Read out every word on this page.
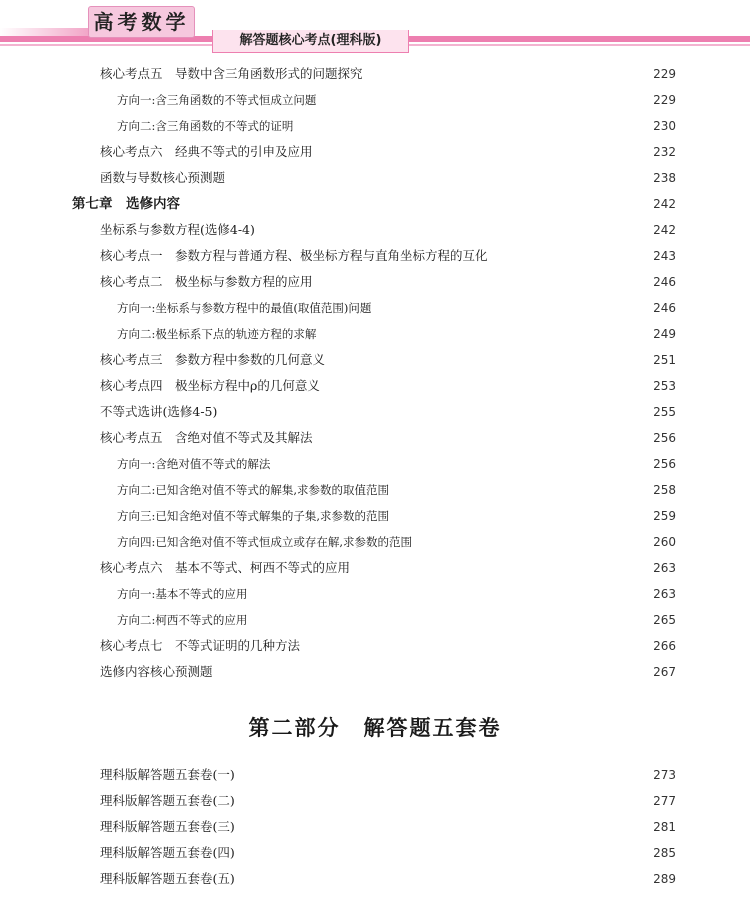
高考数学
解答题核心考点(理科版)
核心考点五　导数中含三角函数形式的问题探究	229
方向一:含三角函数的不等式恒成立问题	229
方向二:含三角函数的不等式的证明	230
核心考点六　经典不等式的引申及应用	232
函数与导数核心预测题	238
第七章　选修内容	242
坐标系与参数方程(选修4-4)	242
核心考点一　参数方程与普通方程、极坐标方程与直角坐标方程的互化	243
核心考点二　极坐标与参数方程的应用	246
方向一:坐标系与参数方程中的最值(取值范围)问题	246
方向二:极坐标系下点的轨迹方程的求解	249
核心考点三　参数方程中参数的几何意义	251
核心考点四　极坐标方程中ρ的几何意义	253
不等式选讲(选修4-5)	255
核心考点五　含绝对值不等式及其解法	256
方向一:含绝对值不等式的解法	256
方向二:已知含绝对值不等式的解集,求参数的取值范围	258
方向三:已知含绝对值不等式解集的子集,求参数的范围	259
方向四:已知含绝对值不等式恒成立或存在解,求参数的范围	260
核心考点六　基本不等式、柯西不等式的应用	263
方向一:基本不等式的应用	263
方向二:柯西不等式的应用	265
核心考点七　不等式证明的几种方法	266
选修内容核心预测题	267
第二部分　解答题五套卷
理科版解答题五套卷(一)	273
理科版解答题五套卷(二)	277
理科版解答题五套卷(三)	281
理科版解答题五套卷(四)	285
理科版解答题五套卷(五)	289
